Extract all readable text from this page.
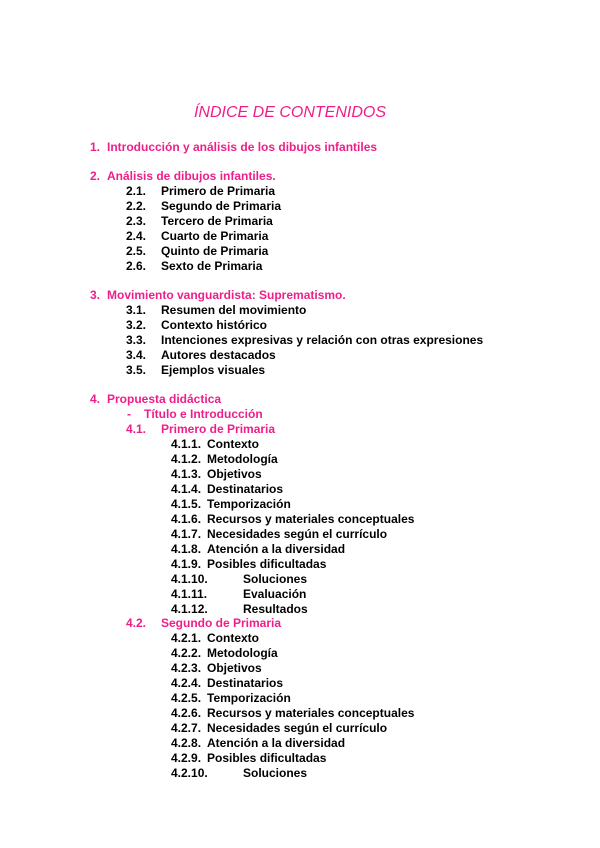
ÍNDICE DE CONTENIDOS
1. Introducción y análisis de los dibujos infantiles
2. Análisis de dibujos infantiles.
2.1. Primero de Primaria
2.2. Segundo de Primaria
2.3. Tercero de Primaria
2.4. Cuarto de Primaria
2.5. Quinto de Primaria
2.6. Sexto de Primaria
3. Movimiento vanguardista: Suprematismo.
3.1. Resumen del movimiento
3.2. Contexto histórico
3.3. Intenciones expresivas y relación con otras expresiones
3.4. Autores destacados
3.5. Ejemplos visuales
4. Propuesta didáctica
- Título e Introducción
4.1. Primero de Primaria
4.1.1. Contexto
4.1.2. Metodología
4.1.3. Objetivos
4.1.4. Destinatarios
4.1.5. Temporización
4.1.6. Recursos y materiales conceptuales
4.1.7. Necesidades según el currículo
4.1.8. Atención a la diversidad
4.1.9. Posibles dificultadas
4.1.10.	Soluciones
4.1.11.	Evaluación
4.1.12.	Resultados
4.2. Segundo de Primaria
4.2.1. Contexto
4.2.2. Metodología
4.2.3. Objetivos
4.2.4. Destinatarios
4.2.5. Temporización
4.2.6. Recursos y materiales conceptuales
4.2.7. Necesidades según el currículo
4.2.8. Atención a la diversidad
4.2.9. Posibles dificultadas
4.2.10.	Soluciones
